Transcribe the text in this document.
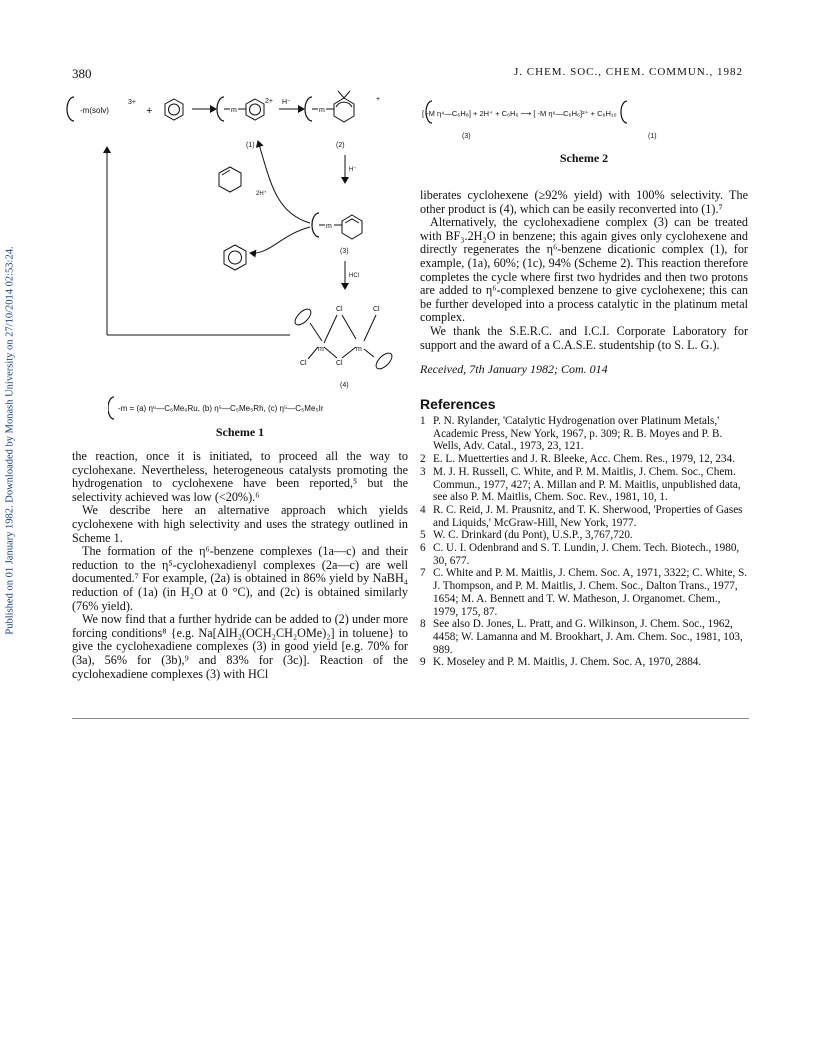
380	J. CHEM. SOC., CHEM. COMMUN., 1982
Published on 01 January 1982. Downloaded by Monash University on 27/10/2014 02:53:24.
-m(solv)
3+
+	m
2+
(1)
H⁻
m
+
(2)
H⁻
m
(3)
HCl
m
Cl	Cl
Cl	Cl
m
(4)
2H⁺
-m = (a) η⁶—C₆Me₆Ru, (b) η⁵—C₅Me₅Rh, (c) η⁵—C₅Me₅Ir
Scheme 1
[ -M η⁴—C₆H₈] + 2H⁺ + C₆H₆ ⟶ [ -M η⁶—C₆H₆]²⁺ + C₆H₁₀
(3)	(1)
Scheme 2

the reaction, once it is initiated, to proceed all the way to cyclohexane. Nevertheless, heterogeneous catalysts promoting the hydrogenation to cyclohexene have been reported,⁵ but the selectivity achieved was low (<20%).⁶

We describe here an alternative approach which yields cyclohexene with high selectivity and uses the strategy outlined in Scheme 1.

The formation of the η⁶-benzene complexes (1a—c) and their reduction to the η⁵-cyclohexadienyl complexes (2a—c) are well documented.⁷ For example, (2a) is obtained in 86% yield by NaBH₄ reduction of (1a) (in H₂O at 0 °C), and (2c) is obtained similarly (76% yield).

We now find that a further hydride can be added to (2) under more forcing conditions⁸ {e.g. Na[AlH₂(OCH₂CH₂OMe)₂] in toluene} to give the cyclohexadiene complexes (3) in good yield [e.g. 70% for (3a), 56% for (3b),⁹ and 83% for (3c)]. Reaction of the cyclohexadiene complexes (3) with HCl

liberates cyclohexene (≥92% yield) with 100% selectivity. The other product is (4), which can be easily reconverted into (1).⁷

Alternatively, the cyclohexadiene complex (3) can be treated with BF₃.2H₂O in benzene; this again gives only cyclohexene and directly regenerates the η⁶-benzene dicationic complex (1), for example, (1a), 60%; (1c), 94% (Scheme 2). This reaction therefore completes the cycle where first two hydrides and then two protons are added to η⁶-complexed benzene to give cyclohexene; this can be further developed into a process catalytic in the platinum metal complex.

We thank the S.E.R.C. and I.C.I. Corporate Laboratory for support and the award of a C.A.S.E. studentship (to S. L. G.).

Received, 7th January 1982; Com. 014
References
1 P. N. Rylander, 'Catalytic Hydrogenation over Platinum Metals,' Academic Press, New York, 1967, p. 309; R. B. Moyes and P. B. Wells, Adv. Catal., 1973, 23, 121.
2 E. L. Muetterties and J. R. Bleeke, Acc. Chem. Res., 1979, 12, 234.
3 M. J. H. Russell, C. White, and P. M. Maitlis, J. Chem. Soc., Chem. Commun., 1977, 427; A. Millan and P. M. Maitlis, unpublished data, see also P. M. Maitlis, Chem. Soc. Rev., 1981, 10, 1.
4 R. C. Reid, J. M. Prausnitz, and T. K. Sherwood, 'Properties of Gases and Liquids,' McGraw-Hill, New York, 1977.
5 W. C. Drinkard (du Pont), U.S.P., 3,767,720.
6 C. U. I. Odenbrand and S. T. Lundin, J. Chem. Tech. Biotech., 1980, 30, 677.
7 C. White and P. M. Maitlis, J. Chem. Soc. A, 1971, 3322; C. White, S. J. Thompson, and P. M. Maitlis, J. Chem. Soc., Dalton Trans., 1977, 1654; M. A. Bennett and T. W. Matheson, J. Organomet. Chem., 1979, 175, 87.
8 See also D. Jones, L. Pratt, and G. Wilkinson, J. Chem. Soc., 1962, 4458; W. Lamanna and M. Brookhart, J. Am. Chem. Soc., 1981, 103, 989.
9 K. Moseley and P. M. Maitlis, J. Chem. Soc. A, 1970, 2884.
